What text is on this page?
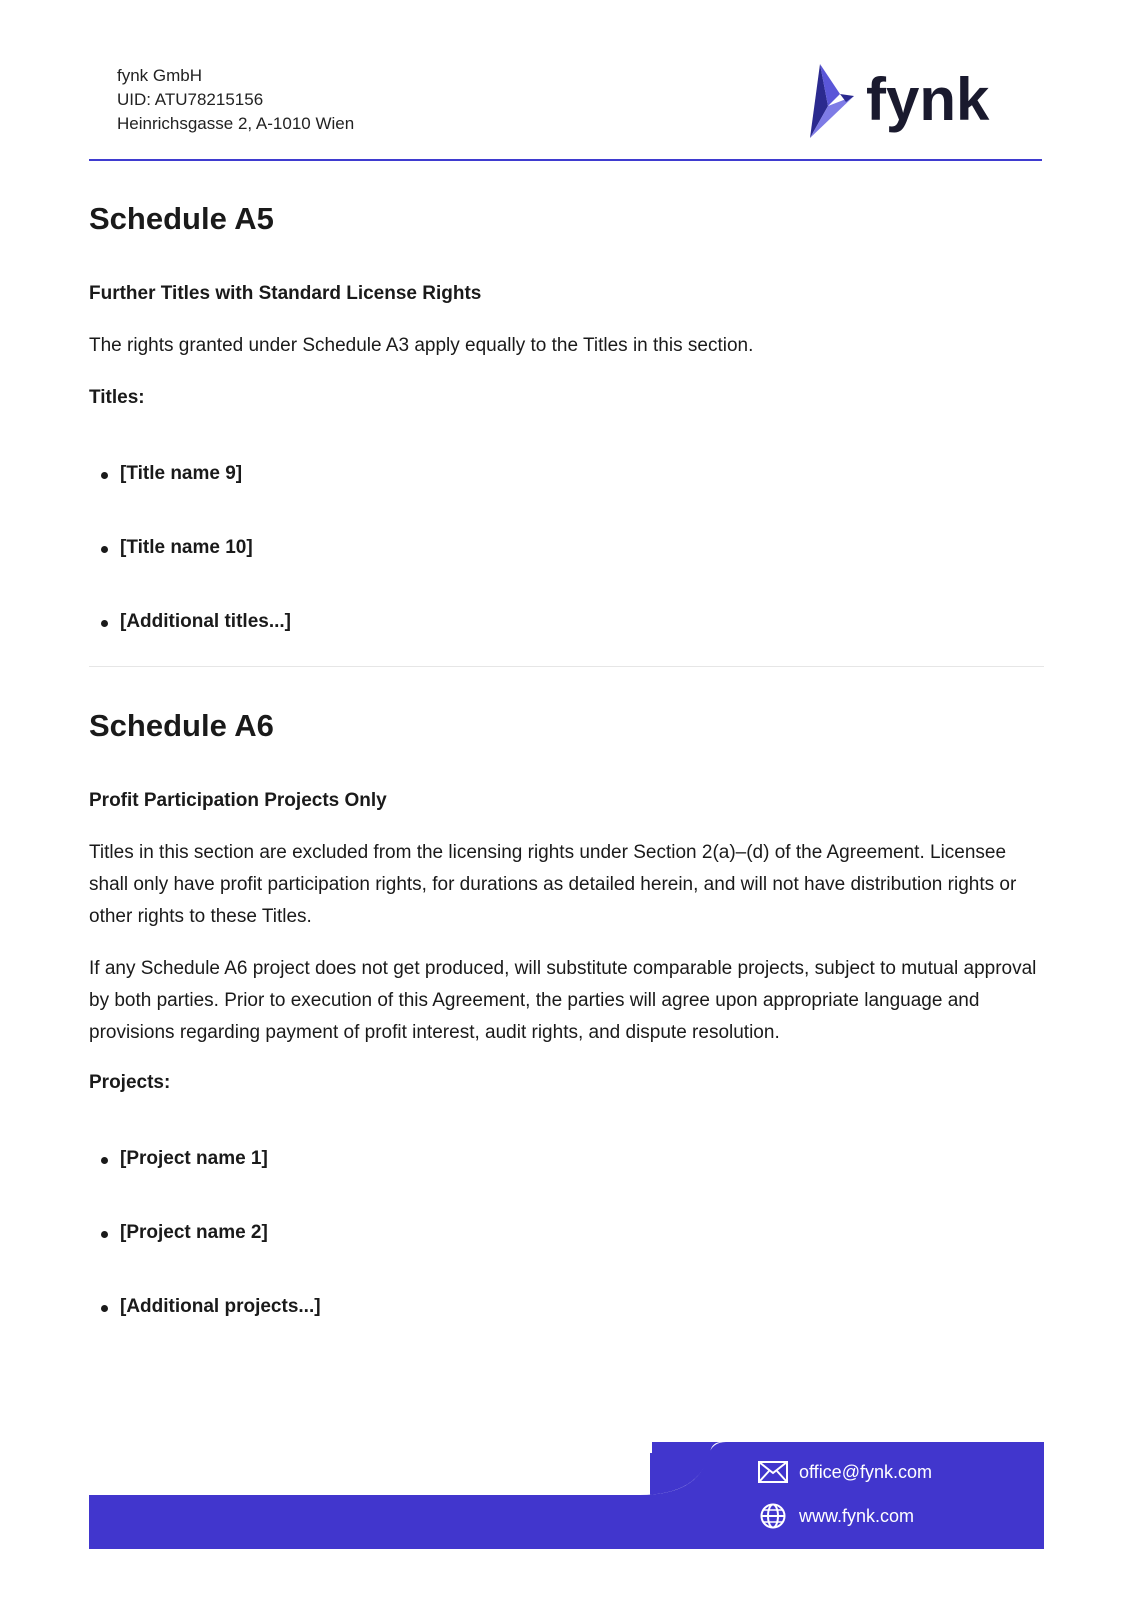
fynk GmbH
UID: ATU78215156
Heinrichsgasse 2, A-1010 Wien	fynk
Schedule A5
Further Titles with Standard License Rights

The rights granted under Schedule A3 apply equally to the Titles in this section.

Titles:
[Title name 9]
[Title name 10]
[Additional titles...]
Schedule A6
Profit Participation Projects Only

Titles in this section are excluded from the licensing rights under Section 2(a)–(d) of the Agreement. Licensee shall only have profit participation rights, for durations as detailed herein, and will not have distribution rights or other rights to these Titles.

If any Schedule A6 project does not get produced, will substitute comparable projects, subject to mutual approval by both parties. Prior to execution of this Agreement, the parties will agree upon appropriate language and provisions regarding payment of profit interest, audit rights, and dispute resolution.

Projects:
[Project name 1]
[Project name 2]
[Additional projects...]
office@fynk.com
www.fynk.com
